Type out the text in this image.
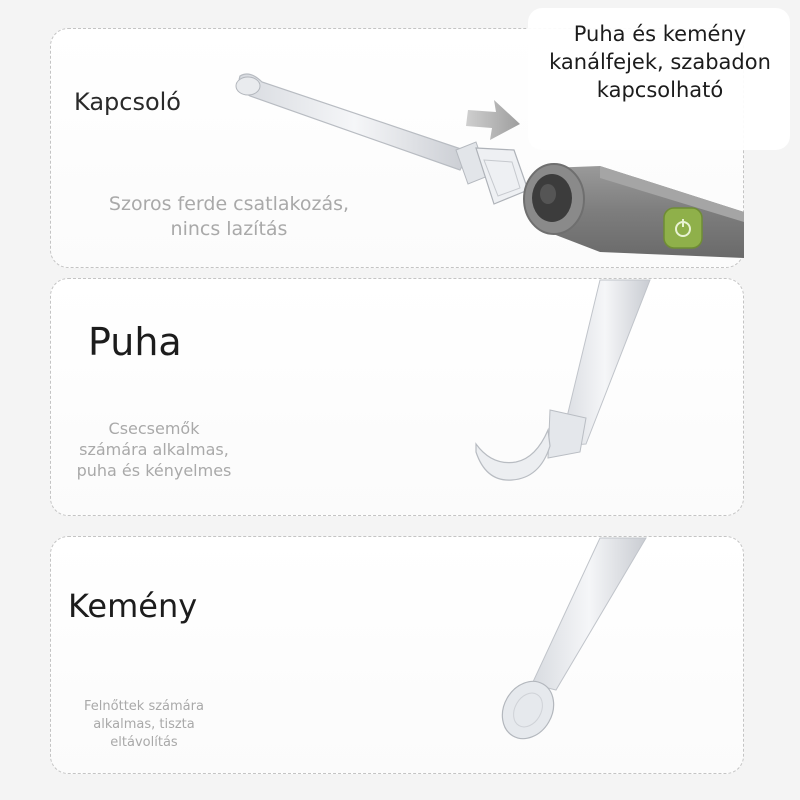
Puha és kemény kanálfejek, szabadon kapcsolható

Kapcsoló

Szoros ferde csatlakozás, nincs lazítás

Puha

Csecsemők számára alkalmas, puha és kényelmes

Kemény

Felnőttek számára alkalmas, tiszta eltávolítás
